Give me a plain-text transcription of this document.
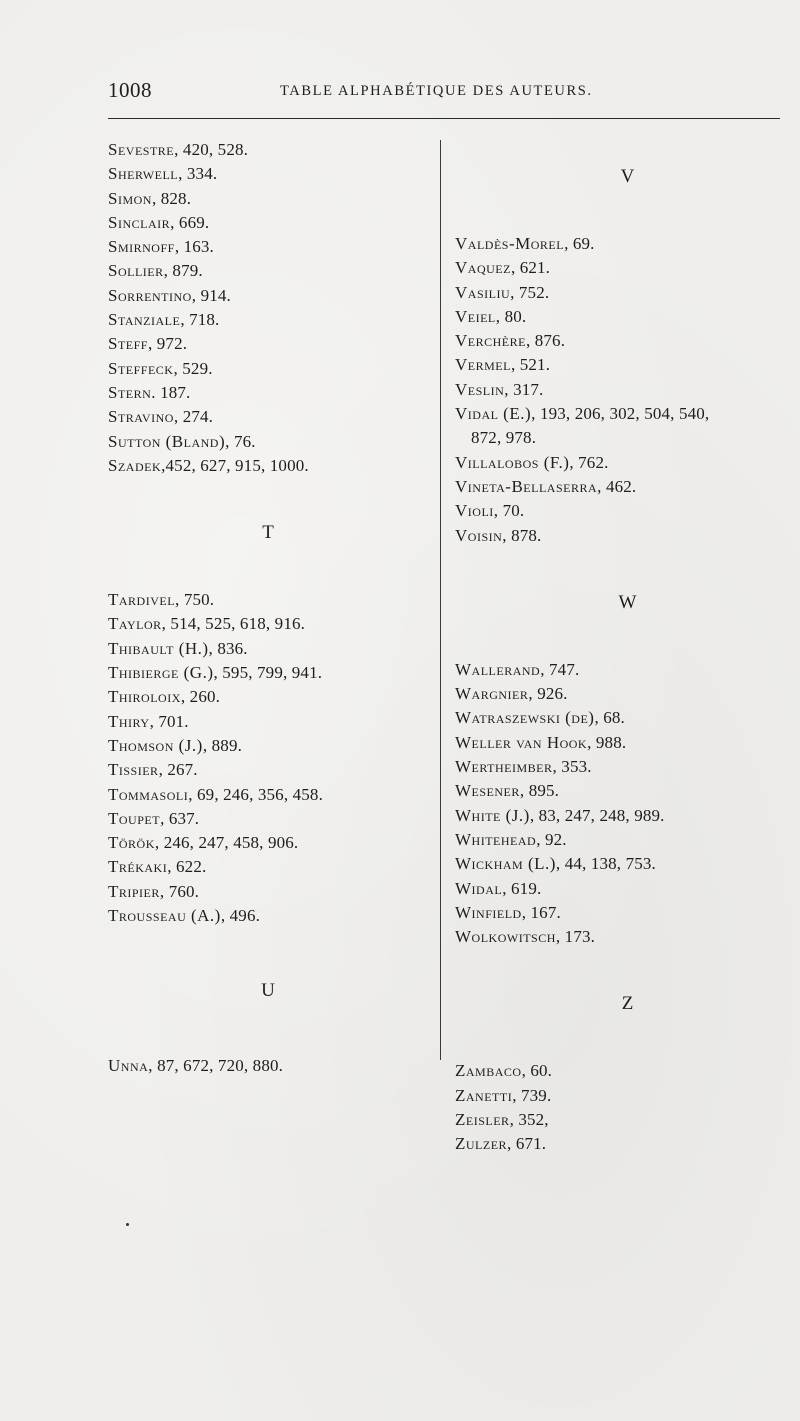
1008	TABLE ALPHABÉTIQUE DES AUTEURS.
Sevestre, 420, 528.
Sherwell, 334.
Simon, 828.
Sinclair, 669.
Smirnoff, 163.
Sollier, 879.
Sorrentino, 914.
Stanziale, 718.
Steff, 972.
Steffeck, 529.
Stern. 187.
Stravino, 274.
Sutton (Bland), 76.
Szadek,452, 627, 915, 1000.
T
Tardivel, 750.
Taylor, 514, 525, 618, 916.
Thibault (H.), 836.
Thibierge (G.), 595, 799, 941.
Thiroloix, 260.
Thiry, 701.
Thomson (J.), 889.
Tissier, 267.
Tommasoli, 69, 246, 356, 458.
Toupet, 637.
Török, 246, 247, 458, 906.
Trékaki, 622.
Tripier, 760.
Trousseau (A.), 496.
U
Unna, 87, 672, 720, 880.
V
Valdès-Morel, 69.
Vaquez, 621.
Vasiliu, 752.
Veiel, 80.
Verchère, 876.
Vermel, 521.
Veslin, 317.
Vidal (E.), 193, 206, 302, 504, 540,
872, 978.
Villalobos (F.), 762.
Vineta-Bellaserra, 462.
Violi, 70.
Voisin, 878.
W
Wallerand, 747.
Wargnier, 926.
Watraszewski (de), 68.
Weller van Hook, 988.
Wertheimber, 353.
Wesener, 895.
White (J.), 83, 247, 248, 989.
Whitehead, 92.
Wickham (L.), 44, 138, 753.
Widal, 619.
Winfield, 167.
Wolkowitsch, 173.
Z
Zambaco, 60.
Zanetti, 739.
Zeisler, 352,
Zulzer, 671.
